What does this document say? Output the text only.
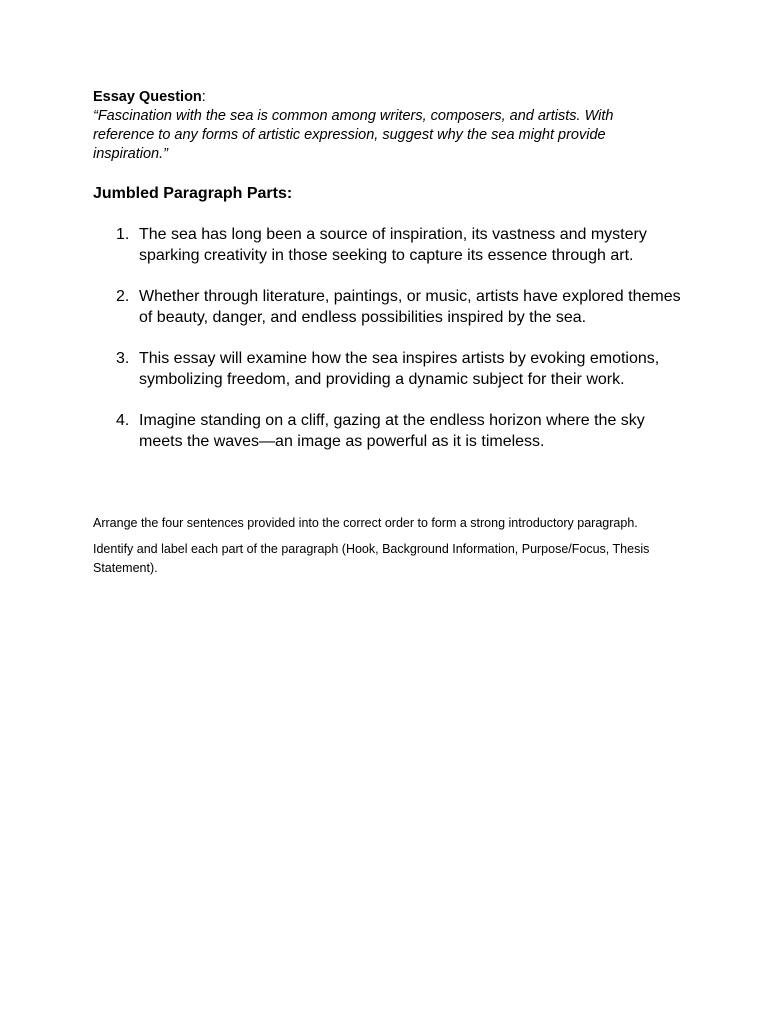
Essay Question:

“Fascination with the sea is common among writers, composers, and artists. With reference to any forms of artistic expression, suggest why the sea might provide inspiration.”

Jumbled Paragraph Parts:
1. The sea has long been a source of inspiration, its vastness and mystery sparking creativity in those seeking to capture its essence through art.
2. Whether through literature, paintings, or music, artists have explored themes of beauty, danger, and endless possibilities inspired by the sea.
3. This essay will examine how the sea inspires artists by evoking emotions, symbolizing freedom, and providing a dynamic subject for their work.
4. Imagine standing on a cliff, gazing at the endless horizon where the sky meets the waves—an image as powerful as it is timeless.

Arrange the four sentences provided into the correct order to form a strong introductory paragraph.

Identify and label each part of the paragraph (Hook, Background Information, Purpose/Focus, Thesis Statement).
